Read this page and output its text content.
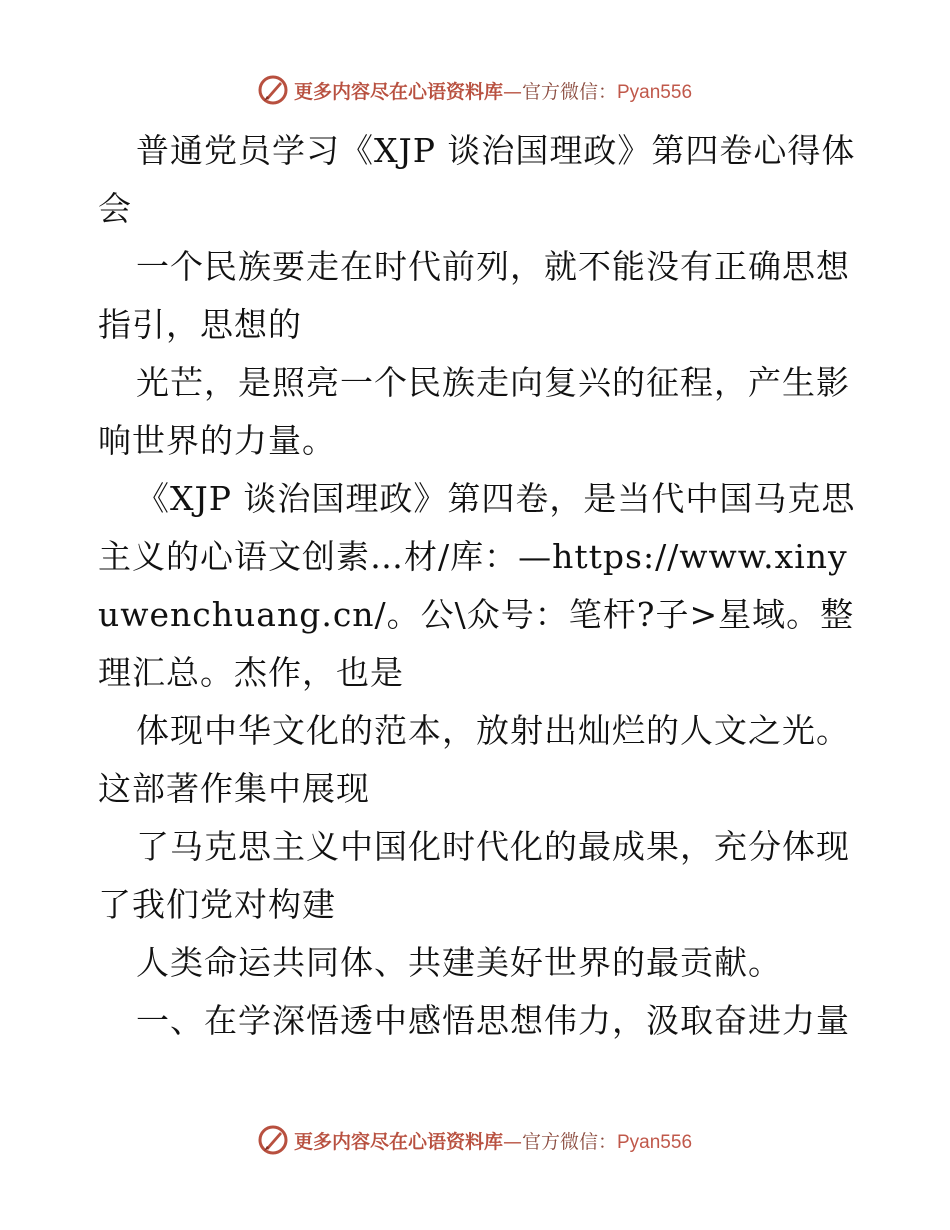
更多内容尽在心语资料库—官方微信：Pyan556

普通党员学习《XJP 谈治国理政》第四卷心得体会

一个民族要走在时代前列，就不能没有正确思想指引，思想的

光芒，是照亮一个民族走向复兴的征程，产生影响世界的力量。

《XJP 谈治国理政》第四卷，是当代中国马克思主义的心语文创素…材/库：—https://www.xinyuwenchuang.cn/。公\众号：笔杆?子>星域。整理汇总。杰作，也是

体现中华文化的范本，放射出灿烂的人文之光。这部著作集中展现

了马克思主义中国化时代化的最成果，充分体现了我们党对构建

人类命运共同体、共建美好世界的最贡献。

一、在学深悟透中感悟思想伟力，汲取奋进力量

更多内容尽在心语资料库—官方微信：Pyan556
